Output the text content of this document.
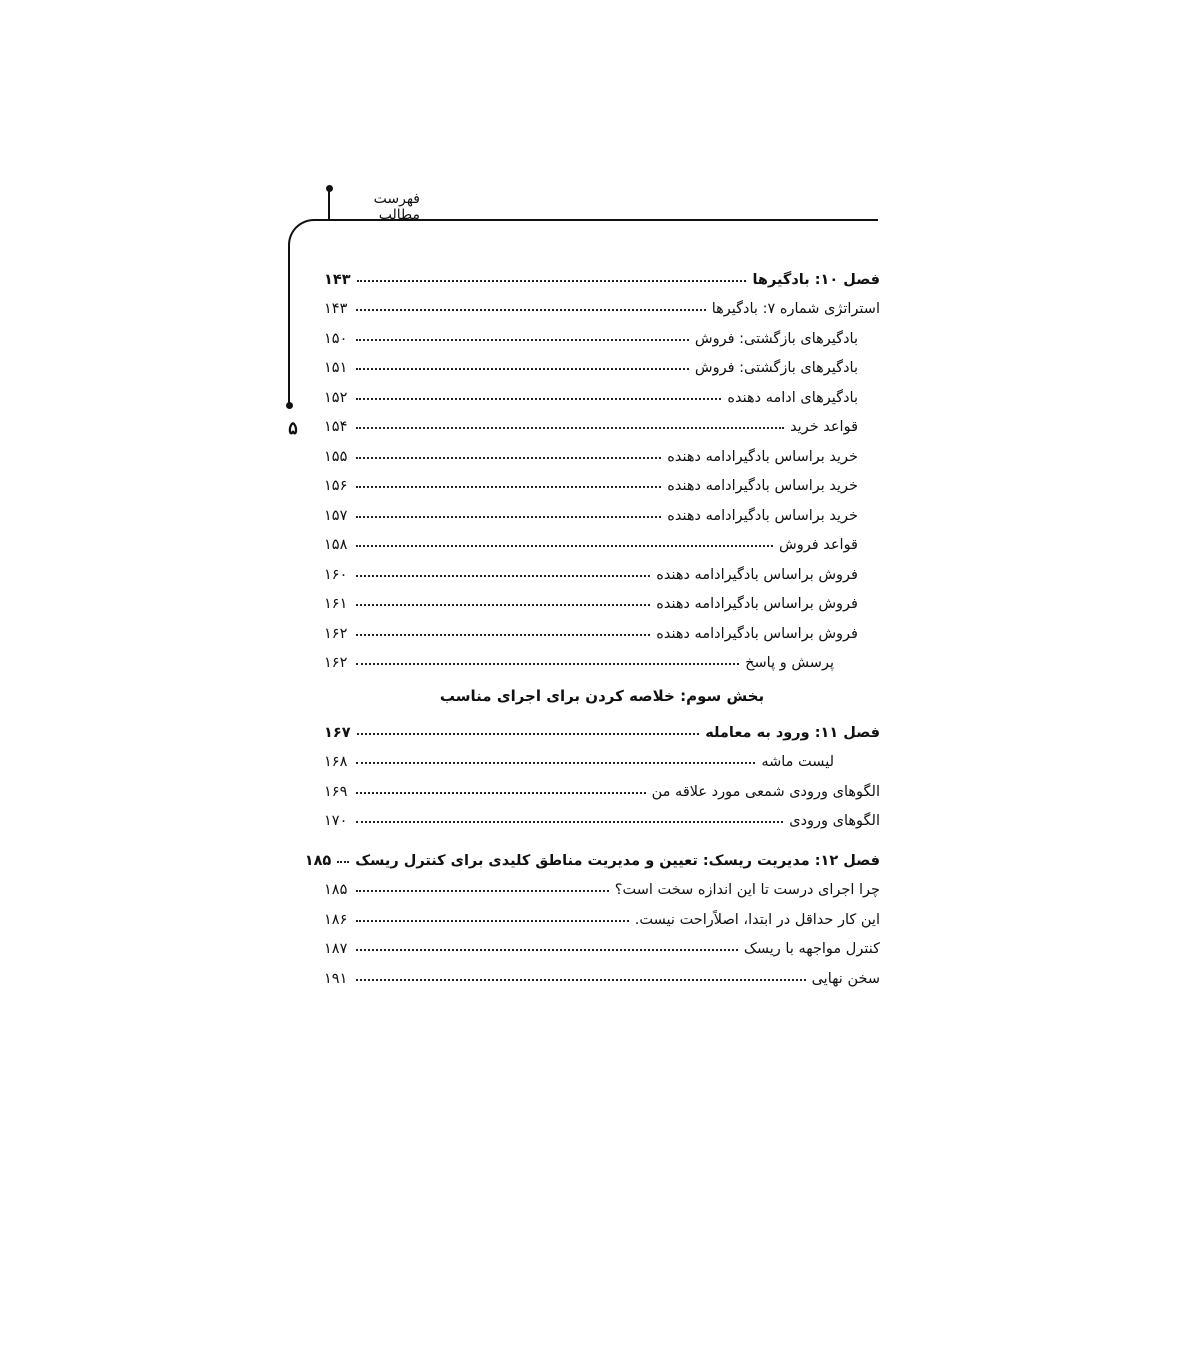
فهرست مطالب
۵
فصل ۱۰: بادگیرها
۱۴۳
استراتژی شماره ۷: بادگیرها
۱۴۳
بادگیرهای بازگشتی: فروش
۱۵۰
بادگیرهای بازگشتی: فروش
۱۵۱
بادگیرهای ادامه دهنده
۱۵۲
قواعد خرید
۱۵۴
خرید براساس بادگیرادامه دهنده
۱۵۵
خرید براساس بادگیرادامه دهنده
۱۵۶
خرید براساس بادگیرادامه دهنده
۱۵۷
قواعد فروش
۱۵۸
فروش براساس بادگیرادامه دهنده
۱۶۰
فروش براساس بادگیرادامه دهنده
۱۶۱
فروش براساس بادگیرادامه دهنده
۱۶۲
پرسش و پاسخ
۱۶۲
بخش سوم: خلاصه کردن برای اجرای مناسب
فصل ۱۱: ورود به معامله
۱۶۷
لیست ماشه
۱۶۸
الگوهای ورودی شمعی مورد علاقه من
۱۶۹
الگوهای ورودی
۱۷۰
فصل ۱۲: مدیریت ریسک: تعیین و مدیریت مناطق کلیدی برای کنترل ریسک
۱۸۵
چرا اجرای درست تا این اندازه سخت است؟
۱۸۵
این کار حداقل در ابتدا، اصلاًراحت نیست.
۱۸۶
کنترل مواجهه با ریسک
۱۸۷
سخن نهایی
۱۹۱
